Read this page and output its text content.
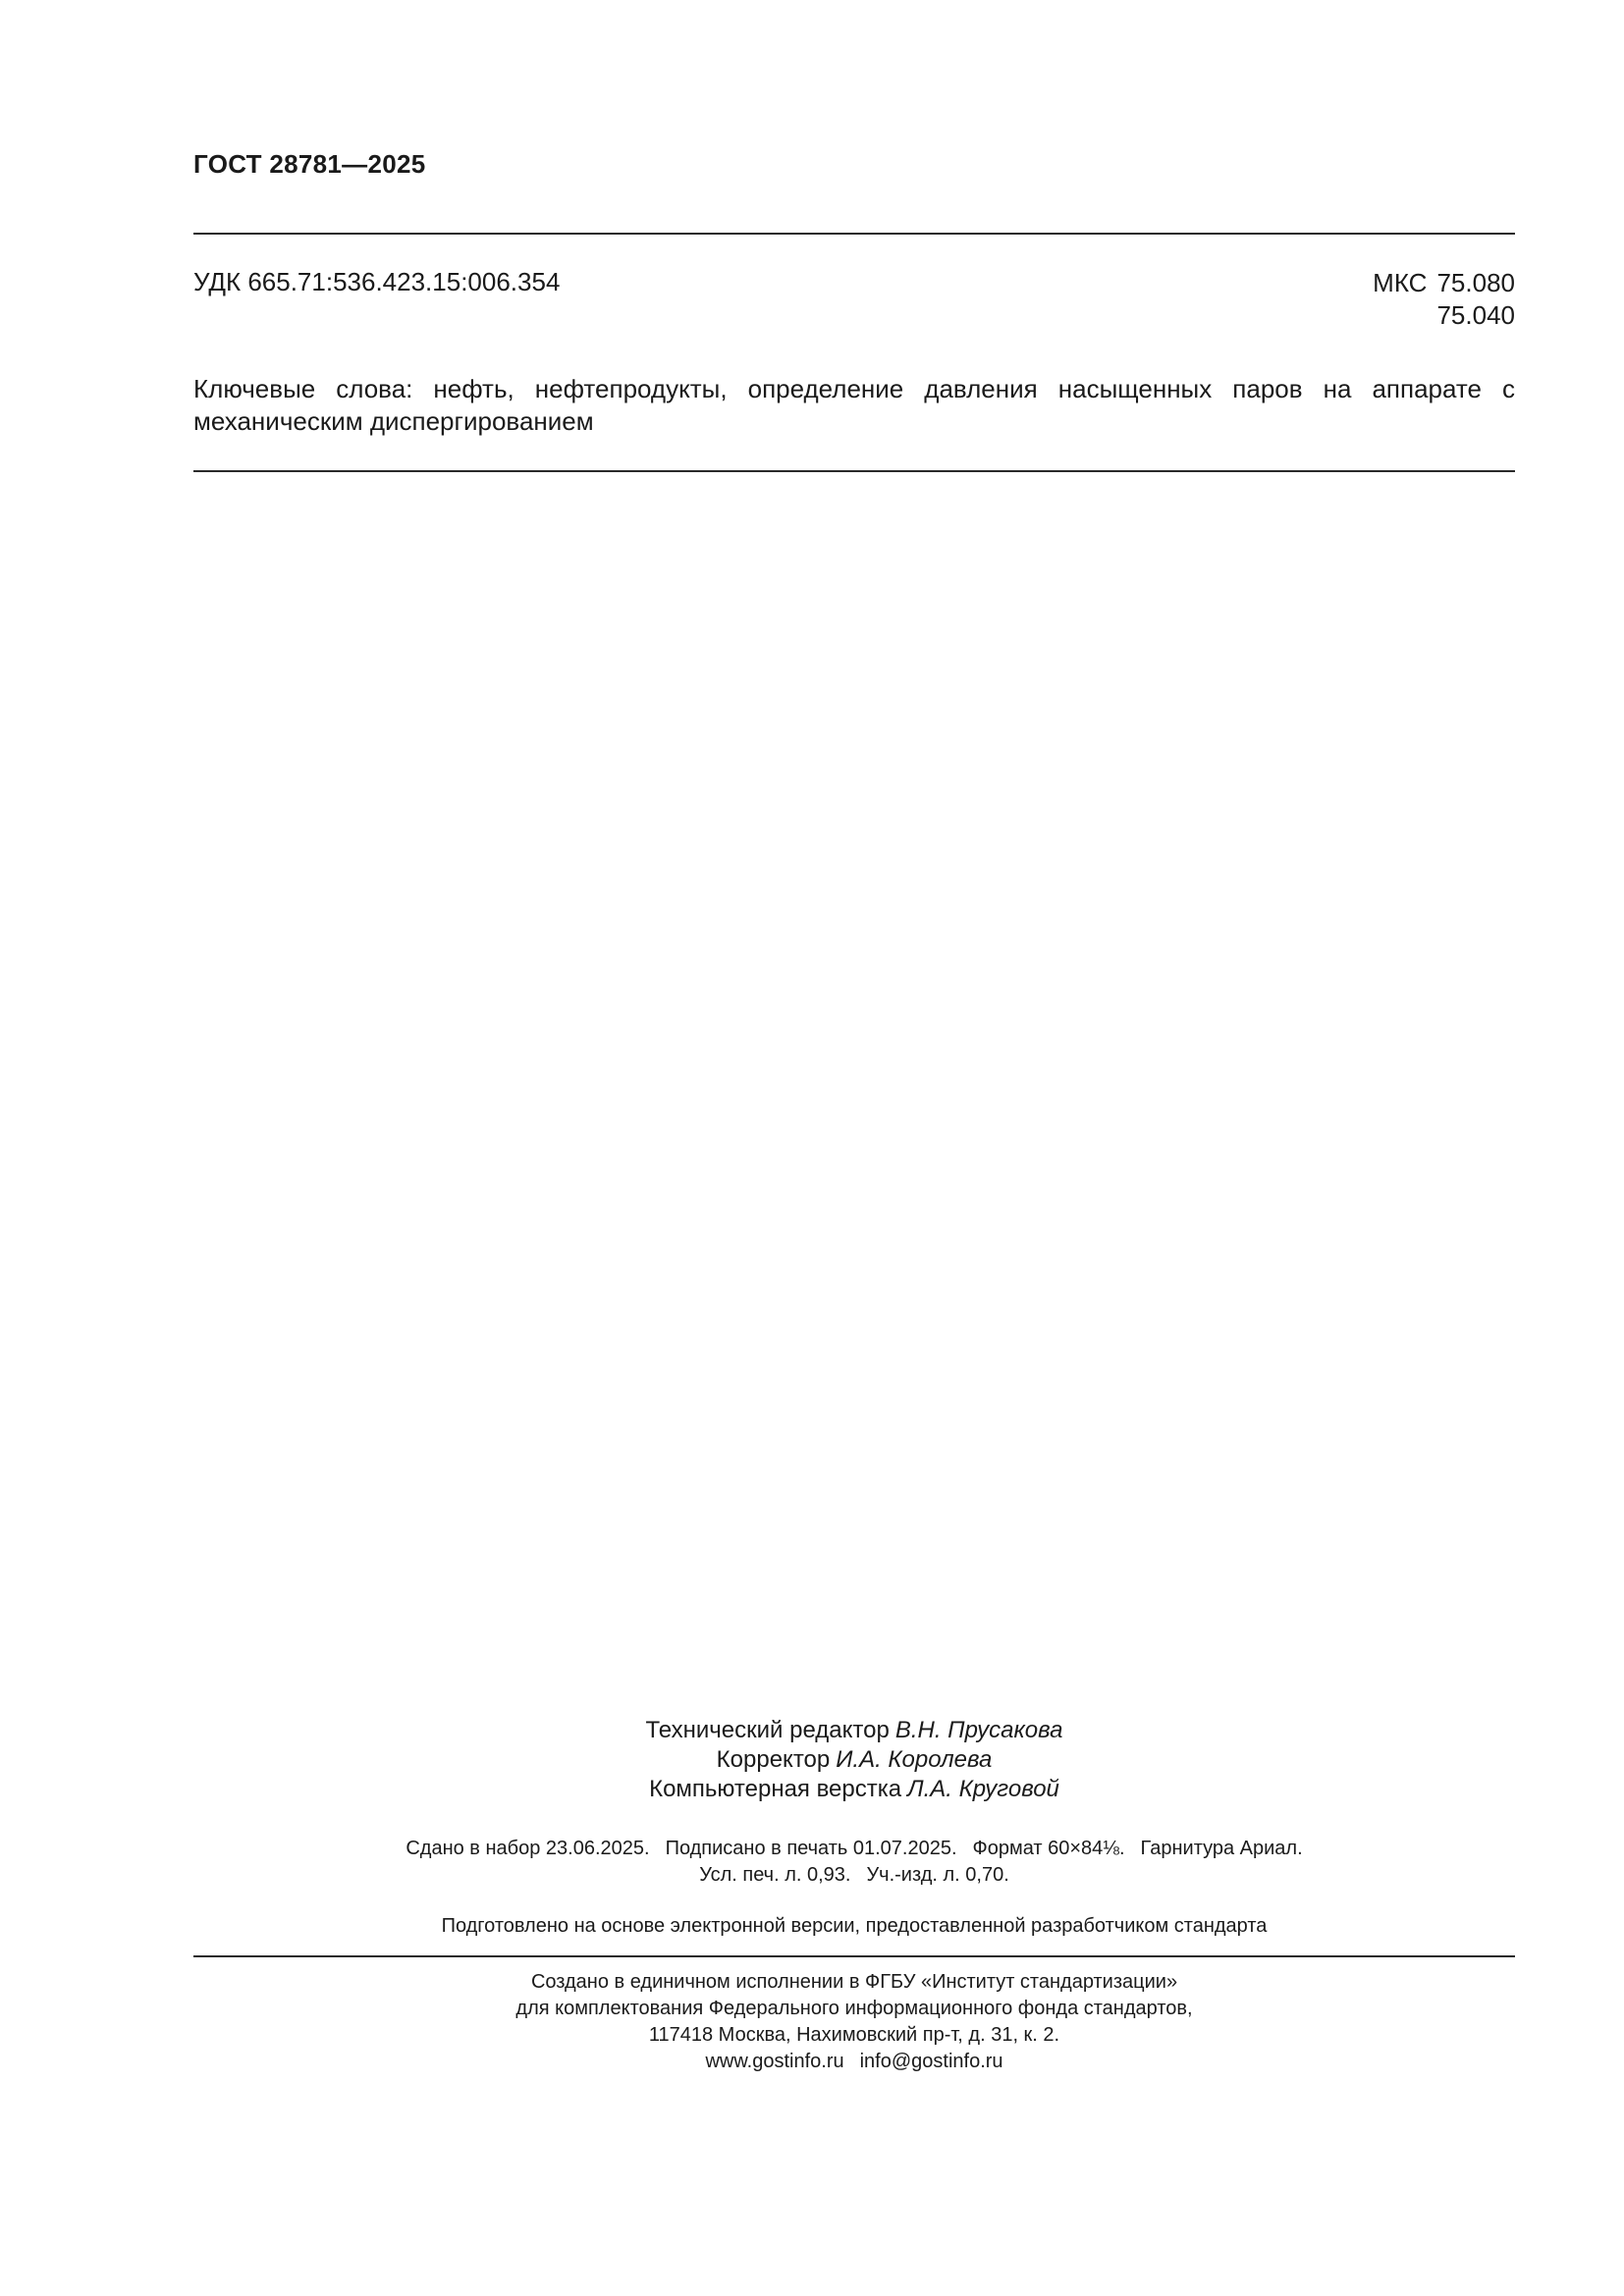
ГОСТ 28781—2025
УДК 665.71:536.423.15:006.354	МКС 75.080
75.040
Ключевые слова: нефть, нефтепродукты, определение давления насыщенных паров на аппарате с механическим диспергированием
Технический редактор В.Н. Прусакова
Корректор И.А. Королева
Компьютерная верстка Л.А. Круговой
Сдано в набор 23.06.2025. Подписано в печать 01.07.2025. Формат 60×84⅛. Гарнитура Ариал.
Усл. печ. л. 0,93. Уч.-изд. л. 0,70.
Подготовлено на основе электронной версии, предоставленной разработчиком стандарта
Создано в единичном исполнении в ФГБУ «Институт стандартизации»
для комплектования Федерального информационного фонда стандартов,
117418 Москва, Нахимовский пр-т, д. 31, к. 2.
www.gostinfo.ru info@gostinfo.ru
